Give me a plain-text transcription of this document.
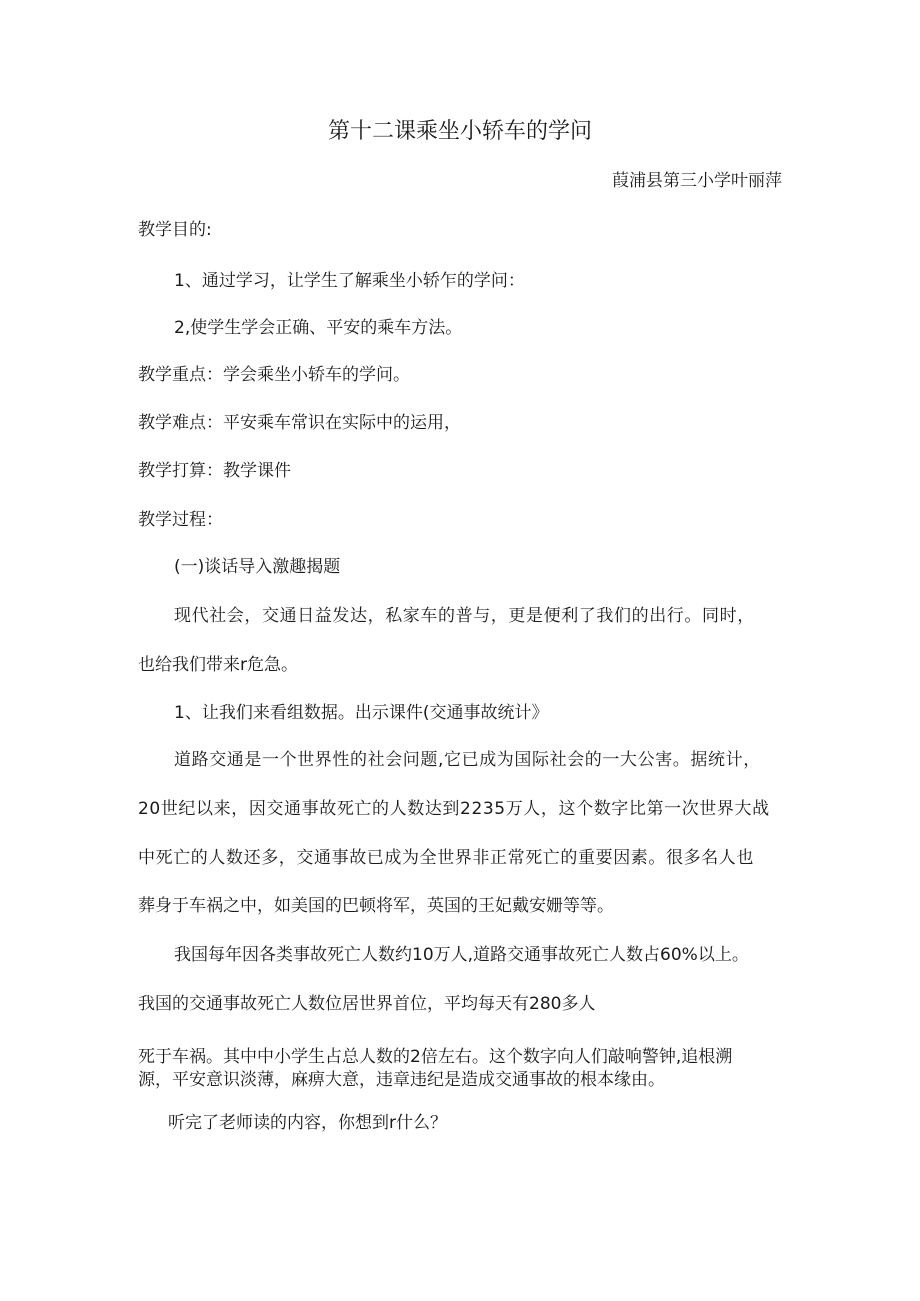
第十二课乘坐小轿车的学问
葭浦县第三小学叶丽萍
教学目的:
1、通过学习，让学生了解乘坐小轿乍的学问：
2,使学生学会正确、平安的乘车方法。
教学重点：学会乘坐小轿车的学问。
教学难点：平安乘车常识在实际中的运用，
教学打算：教学课件
教学过程：
(一)谈话导入激趣揭题
现代社会，交通日益发达，私家车的普与，更是便利了我们的出行。同时，
也给我们带来r危急。
1、让我们来看组数据。出示课件(交通事故统计》
道路交通是一个世界性的社会问题,它已成为国际社会的一大公害。据统计，
20世纪以来，因交通事故死亡的人数达到2235万人，这个数字比第一次世界大战
中死亡的人数还多，交通事故已成为全世界非正常死亡的重要因素。很多名人也
葬身于车祸之中，如美国的巴顿将军，英国的王妃戴安姗等等。
我国每年因各类事故死亡人数约10万人,道路交通事故死亡人数占60%以上。
我国的交通事故死亡人数位居世界首位，平均每天有280多人
死于车祸。其中中小学生占总人数的2倍左右。这个数字向人们敲响警钟,追根溯
源，平安意识淡薄，麻痹大意，违章违纪是造成交通事故的根本缘由。
听完了老师读的内容，你想到r什么？
